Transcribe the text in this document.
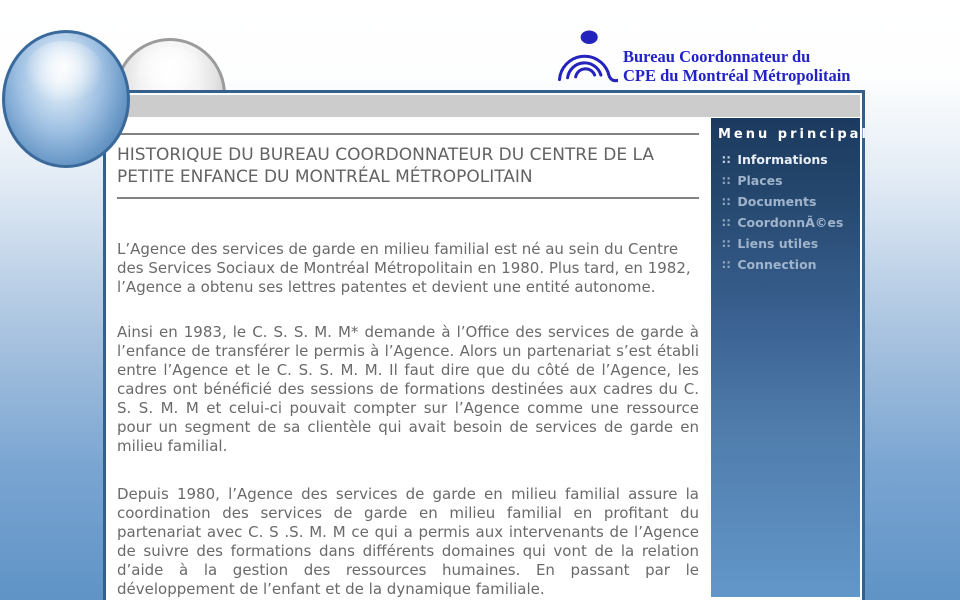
Bureau Coordonnateur du
CPE du Montréal Métropolitain
HISTORIQUE DU BUREAU COORDONNATEUR DU CENTRE DE LA PETITE ENFANCE DU MONTRÉAL MÉTROPOLITAIN

L’Agence des services de garde en milieu familial est né au sein du Centre des Services Sociaux de Montréal Métropolitain en 1980. Plus tard, en 1982, l’Agence a obtenu ses lettres patentes et devient une entité autonome.

Ainsi en 1983, le C. S. S. M. M* demande à l’Office des services de garde à l’enfance de transférer le permis à l’Agence. Alors un partenariat s’est établi entre l’Agence et le C. S. S. M. M. Il faut dire que du côté de l’Agence, les cadres ont bénéficié des sessions de formations destinées aux cadres du C. S. S. M. M et celui-ci pouvait compter sur l’Agence comme une ressource pour un segment de sa clientèle qui avait besoin de services de garde en milieu familial.

Depuis 1980, l’Agence des services de garde en milieu familial assure la coordination des services de garde en milieu familial en profitant du partenariat avec C. S .S. M. M ce qui a permis aux intervenants de l’Agence de suivre des formations dans différents domaines qui vont de la relation d’aide à la gestion des ressources humaines. En passant par le développement de l’enfant et de la dynamique familiale.

Menu principal
∷ Informations
∷ Places
∷ Documents
∷ CoordonnÃ©es
∷ Liens utiles
∷ Connection
